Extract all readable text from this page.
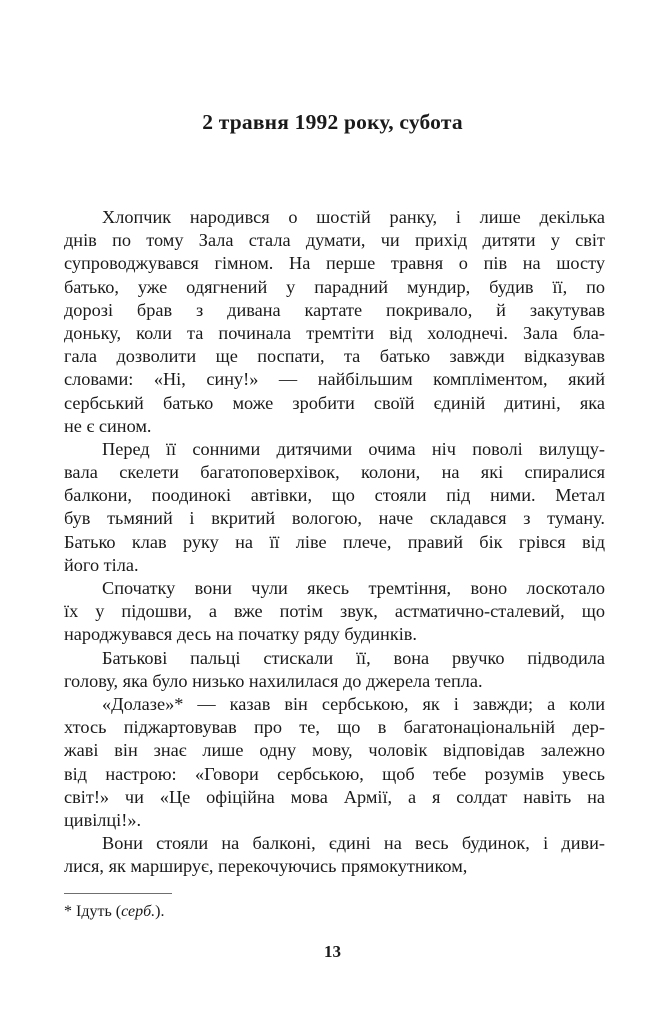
2 травня 1992 року, субота
Хлопчик народився о шостій ранку, і лише декілька
днів по тому Зала стала думати, чи прихід дитяти у світ
супроводжувався гімном. На перше травня о пів на шосту
батько, уже одягнений у парадний мундир, будив її, по
дорозі брав з дивана картате покривало, й закутував
доньку, коли та починала тремтіти від холоднечі. Зала бла-
гала дозволити ще поспати, та батько завжди відказував
словами: «Ні, сину!» — найбільшим компліментом, який
сербський батько може зробити своїй єдиній дитині, яка
не є сином.
Перед її сонними дитячими очима ніч поволі вилущу-
вала скелети багатоповерхівок, колони, на які спиралися
балкони, поодинокі автівки, що стояли під ними. Метал
був тьмяний і вкритий вологою, наче складався з туману.
Батько клав руку на її ліве плече, правий бік грівся від
його тіла.
Спочатку вони чули якесь тремтіння, воно лоскотало
їх у підошви, а вже потім звук, астматично-сталевий, що
народжувався десь на початку ряду будинків.
Батькові пальці стискали її, вона рвучко підводила
голову, яка було низько нахилилася до джерела тепла.
«Долазе»* — казав він сербською, як і завжди; а коли
хтось піджартовував про те, що в багатонаціональній дер-
жаві він знає лише одну мову, чоловік відповідав залежно
від настрою: «Говори сербською, щоб тебе розумів увесь
світ!» чи «Це офіційна мова Армії, а я солдат навіть на
цивілці!».
Вони стояли на балконі, єдині на весь будинок, і диви-
лися, як марширує, перекочуючись прямокутником,
* Ідуть (серб.).
13
